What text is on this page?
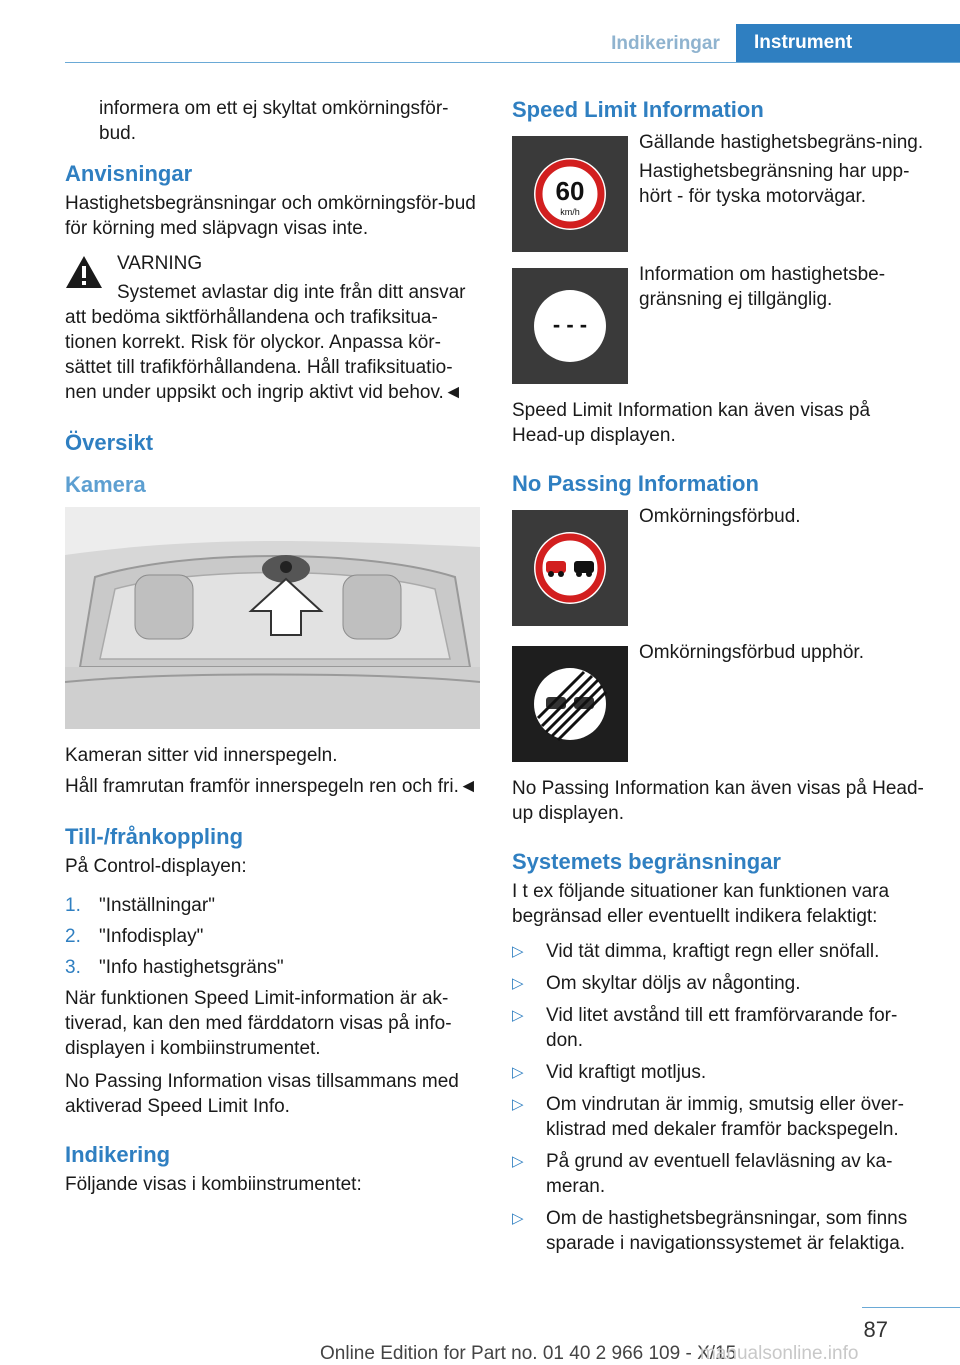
Indikeringar	Instrument

informera om ett ej skyltat omkörningsför-bud.

Anvisningar

Hastighetsbegränsningar och omkörningsför-bud för körning med släpvagn visas inte.

VARNING

Systemet avlastar dig inte från ditt ansvar att bedöma siktförhållandena och trafiksitua-tionen korrekt. Risk för olyckor. Anpassa kör-sättet till trafikförhållandena. Håll trafiksituatio-nen under uppsikt och ingrip aktivt vid behov.◄

Översikt
Kamera

Kameran sitter vid innerspegeln.

Håll framrutan framför innerspegeln ren och fri.◄

Till-/frånkoppling

På Control-displayen:

1. "Inställningar"
2. "Infodisplay"
3. "Info hastighetsgräns"

När funktionen Speed Limit-information är ak-tiverad, kan den med färddatorn visas på info-displayen i kombiinstrumentet.

No Passing Information visas tillsammans med aktiverad Speed Limit Info.

Indikering

Följande visas i kombiinstrumentet:

Speed Limit Information
60
km/h

Gällande hastighetsbegräns-ning.

Hastighetsbegränsning har upp-hört - för tyska motorvägar.

- - -

Information om hastighetsbe-gränsning ej tillgänglig.

Speed Limit Information kan även visas på Head-up displayen.

No Passing Information

Omkörningsförbud.

Omkörningsförbud upphör.

No Passing Information kan även visas på Head-up displayen.

Systemets begränsningar

I t ex följande situationer kan funktionen vara begränsad eller eventuellt indikera felaktigt:

▷ Vid tät dimma, kraftigt regn eller snöfall.
▷ Om skyltar döljs av någonting.
▷ Vid litet avstånd till ett framförvarande for-don.
▷ Vid kraftigt motljus.
▷ Om vindrutan är immig, smutsig eller över-klistrad med dekaler framför backspegeln.
▷ På grund av eventuell felavläsning av ka-meran.
▷ Om de hastighetsbegränsningar, som finns sparade i navigationssystemet är felaktiga.
87
Online Edition for Part no. 01 40 2 966 109 - X/15
manualsonline.info
